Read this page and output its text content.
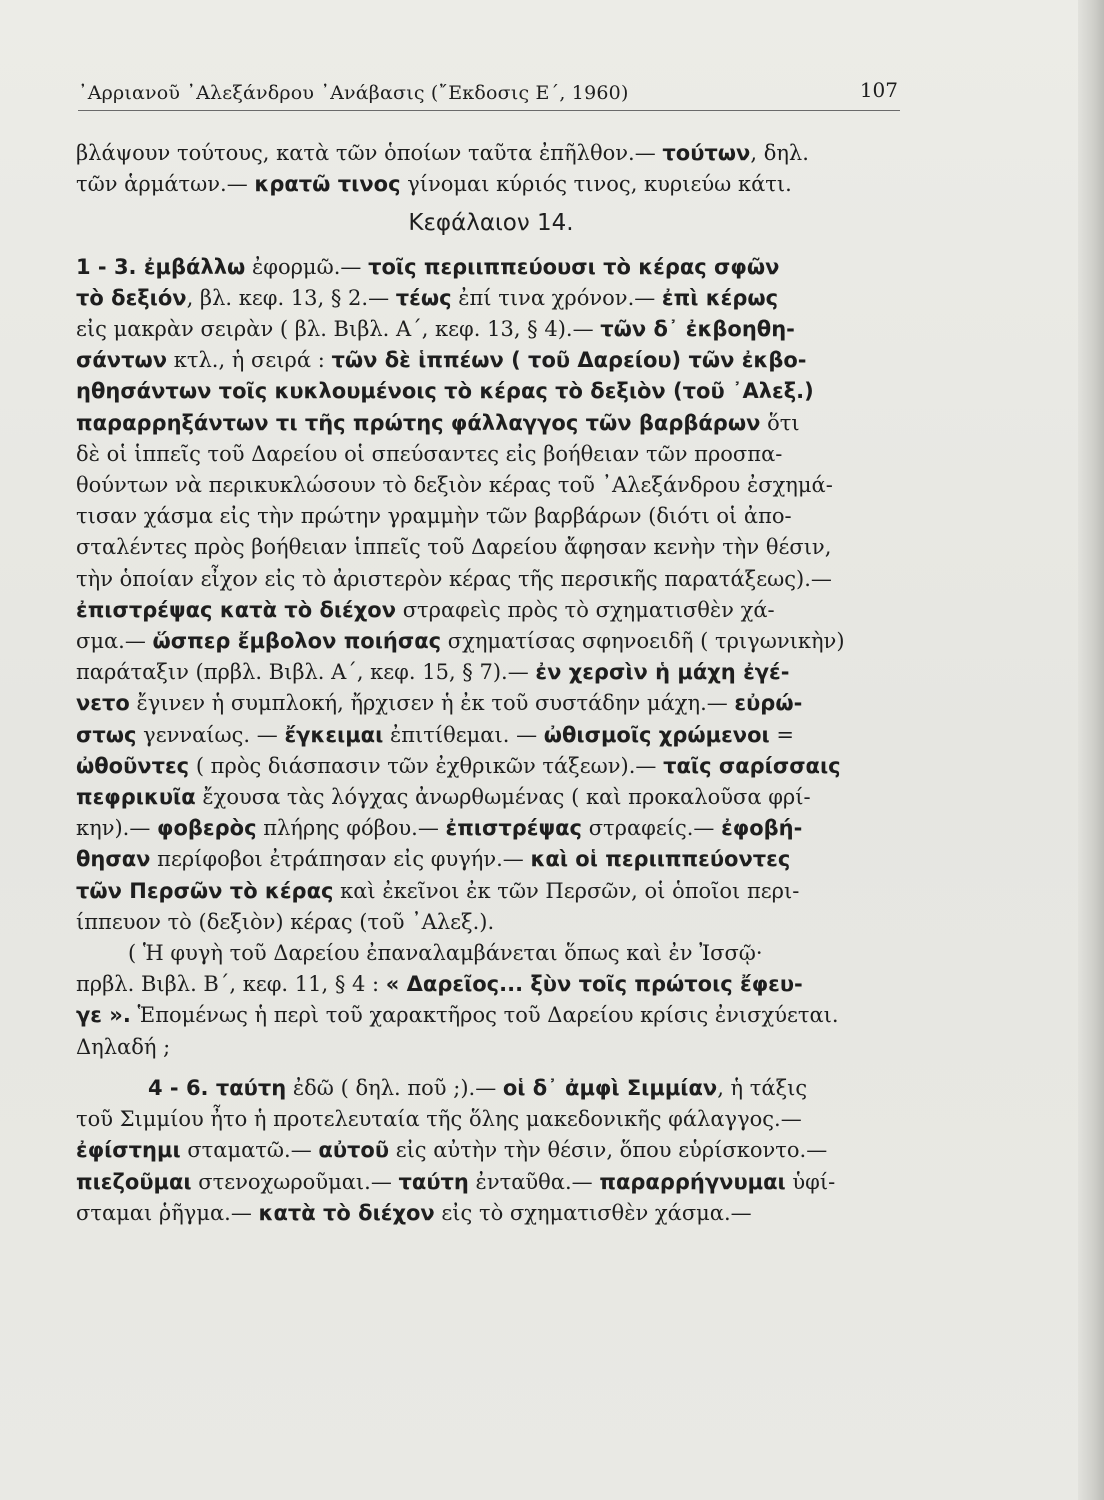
᾿Αρριανοῦ ᾿Αλεξάνδρου ᾿Ανάβασις (῎Εκδοσις Ε΄, 1960)	107
βλάψουν τούτους, κατὰ τῶν ὁποίων ταῦτα ἐπῆλθον.— τούτων, δηλ.
τῶν ἁρμάτων.— κρατῶ τινος γίνομαι κύριός τινος, κυριεύω κάτι.
Κεφάλαιον 14.
1 - 3. ἐμβάλλω ἐφορμῶ.— τοῖς περιιππεύουσι τὸ κέρας σφῶν
τὸ δεξιόν, βλ. κεφ. 13, § 2.— τέως ἐπί τινα χρόνον.— ἐπὶ κέρως
εἰς μακρὰν σειρὰν ( βλ. Βιβλ. Α΄, κεφ. 13, § 4).— τῶν δ᾿ ἐκβοηθη-
σάντων κτλ., ἡ σειρά : τῶν δὲ ἱππέων ( τοῦ Δαρείου) τῶν ἐκβο-
ηθησάντων τοῖς κυκλουμένοις τὸ κέρας τὸ δεξιὸν (τοῦ ᾿Αλεξ.)
παραρρηξάντων τι τῆς πρώτης φάλλαγγος τῶν βαρβάρων ὅτι
δὲ οἱ ἱππεῖς τοῦ Δαρείου οἱ σπεύσαντες εἰς βοήθειαν τῶν προσπα-
θούντων νὰ περικυκλώσουν τὸ δεξιὸν κέρας τοῦ ᾿Αλεξάνδρου ἐσχημά-
τισαν χάσμα εἰς τὴν πρώτην γραμμὴν τῶν βαρβάρων (διότι οἱ ἀπο-
σταλέντες πρὸς βοήθειαν ἱππεῖς τοῦ Δαρείου ἄφησαν κενὴν τὴν θέσιν,
τὴν ὁποίαν εἶχον εἰς τὸ ἀριστερὸν κέρας τῆς περσικῆς παρατάξεως).—
ἐπιστρέψας κατὰ τὸ διέχον στραφεὶς πρὸς τὸ σχηματισθὲν χά-
σμα.— ὥσπερ ἔμβολον ποιήσας σχηματίσας σφηνοειδῆ ( τριγωνικὴν)
παράταξιν (πρβλ. Βιβλ. Α΄, κεφ. 15, § 7).— ἐν χερσὶν ἡ μάχη ἐγέ-
νετο ἔγινεν ἡ συμπλοκή, ἤρχισεν ἡ ἐκ τοῦ συστάδην μάχη.— εὐρώ-
στως γενναίως. — ἔγκειμαι ἐπιτίθεμαι. — ὠθισμοῖς χρώμενοι =
ὠθοῦντες ( πρὸς διάσπασιν τῶν ἐχθρικῶν τάξεων).— ταῖς σαρίσσαις
πεφρικυῖα ἔχουσα τὰς λόγχας ἀνωρθωμένας ( καὶ προκαλοῦσα φρί-
κην).— φοβερὸς πλήρης φόβου.— ἐπιστρέψας στραφείς.— ἐφοβή-
θησαν περίφοβοι ἐτράπησαν εἰς φυγήν.— καὶ οἱ περιιππεύοντες
τῶν Περσῶν τὸ κέρας καὶ ἐκεῖνοι ἐκ τῶν Περσῶν, οἱ ὁποῖοι περι-
ίππευον τὸ (δεξιὸν) κέρας (τοῦ ᾿Αλεξ.).
( Ἡ φυγὴ τοῦ Δαρείου ἐπαναλαμβάνεται ὅπως καὶ ἐν Ἰσσῷ·
πρβλ. Βιβλ. Β΄, κεφ. 11, § 4 : « Δαρεῖος... ξὺν τοῖς πρώτοις ἔφευ-
γε ». Ἑπομένως ἡ περὶ τοῦ χαρακτῆρος τοῦ Δαρείου κρίσις ἐνισχύεται.
Δηλαδή ;
4 - 6. ταύτη ἐδῶ ( δηλ. ποῦ ;).— οἱ δ᾿ ἀμφὶ Σιμμίαν, ἡ τάξις
τοῦ Σιμμίου ἦτο ἡ προτελευταία τῆς ὅλης μακεδονικῆς φάλαγγος.—
ἐφίστημι σταματῶ.— αὐτοῦ εἰς αὐτὴν τὴν θέσιν, ὅπου εὑρίσκοντο.—
πιεζοῦμαι στενοχωροῦμαι.— ταύτη ἐνταῦθα.— παραρρήγνυμαι ὑφί-
σταμαι ῥῆγμα.— κατὰ τὸ διέχον εἰς τὸ σχηματισθὲν χάσμα.—
